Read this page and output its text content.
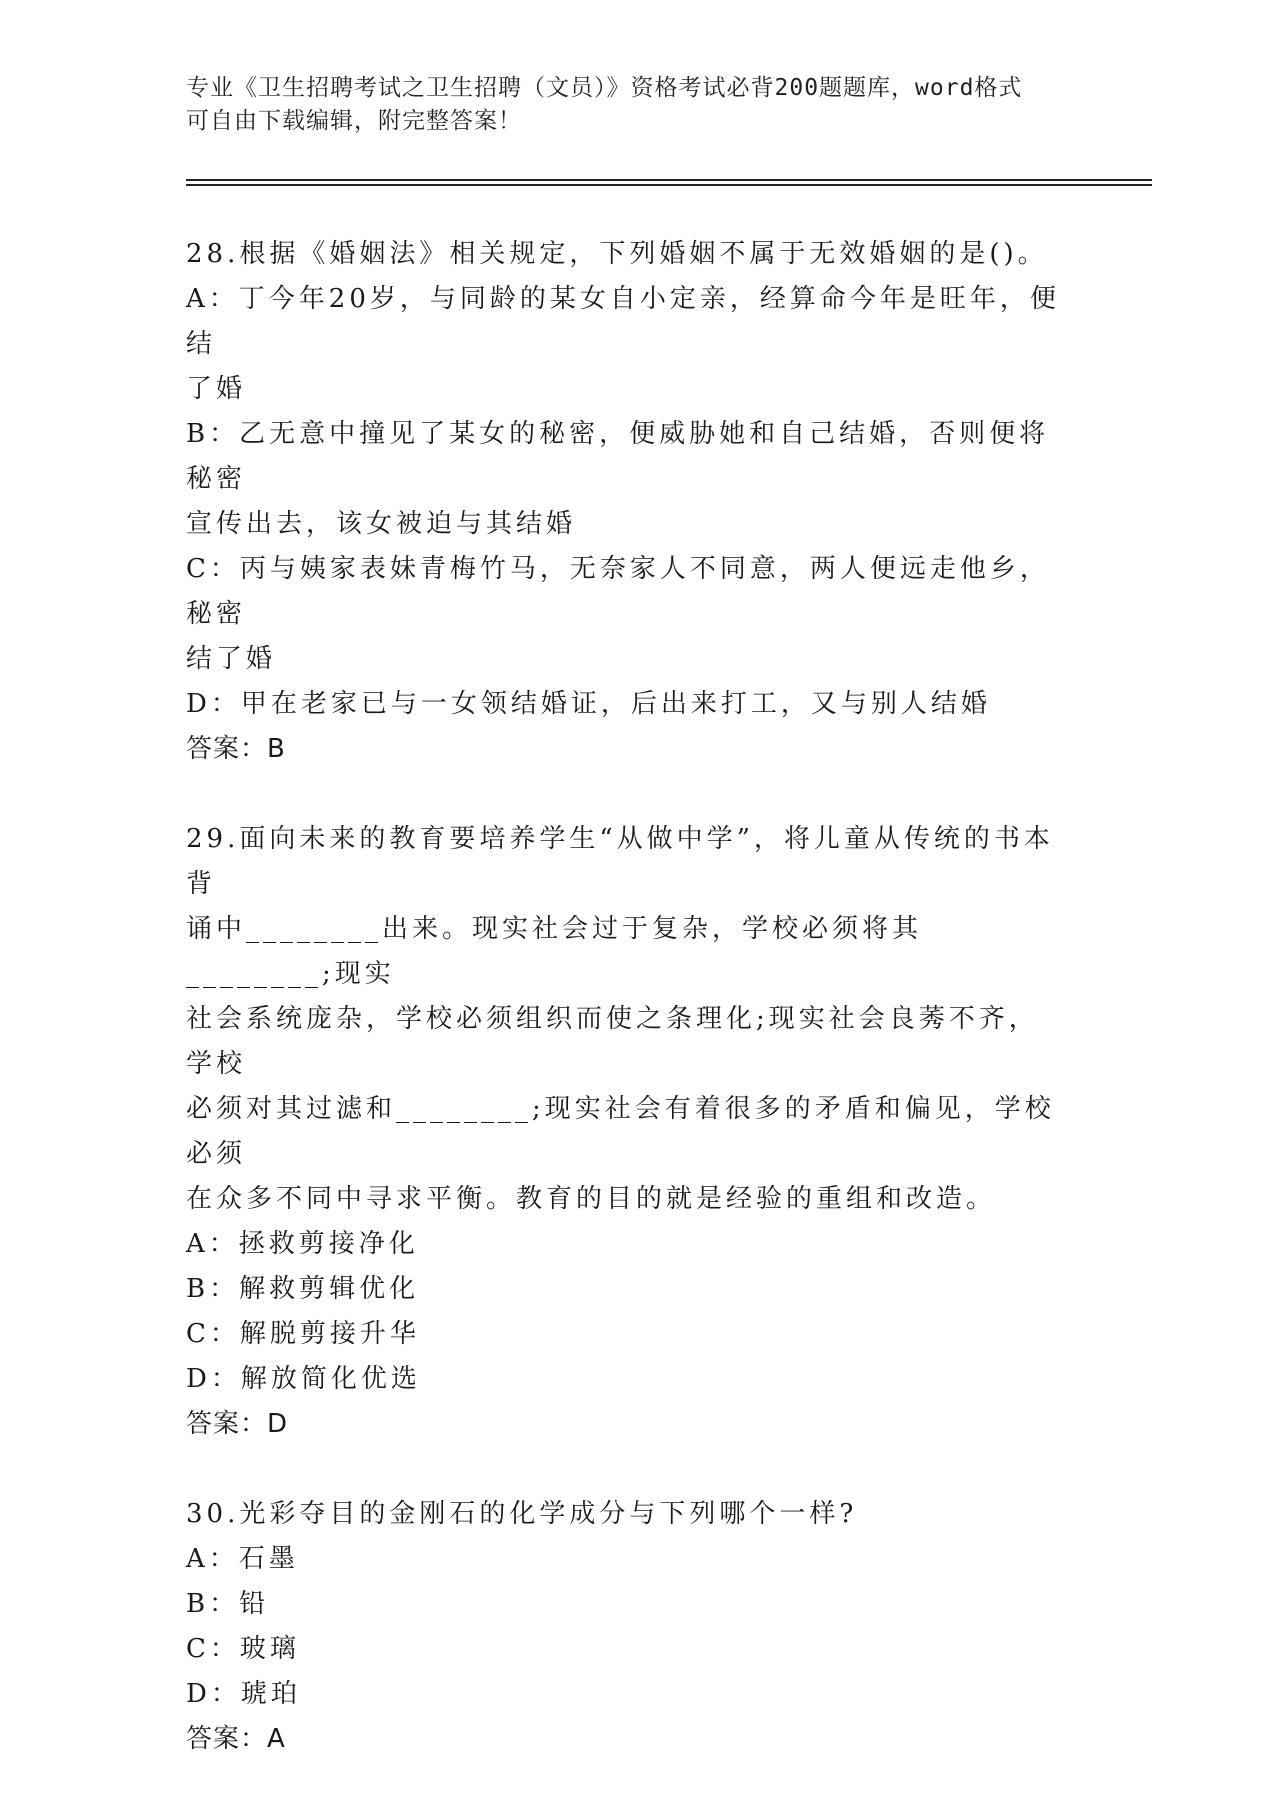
专业《卫生招聘考试之卫生招聘（文员）》资格考试必背200题题库，word格式
可自由下载编辑，附完整答案！

28.根据《婚姻法》相关规定，下列婚姻不属于无效婚姻的是()。

A：丁今年20岁，与同龄的某女自小定亲，经算命今年是旺年，便结

了婚

B：乙无意中撞见了某女的秘密，便威胁她和自己结婚，否则便将秘密

宣传出去，该女被迫与其结婚

C：丙与姨家表妹青梅竹马，无奈家人不同意，两人便远走他乡，秘密

结了婚

D：甲在老家已与一女领结婚证，后出来打工，又与别人结婚

答案：B

29.面向未来的教育要培养学生“从做中学”，将儿童从传统的书本背

诵中________出来。现实社会过于复杂，学校必须将其________;现实

社会系统庞杂，学校必须组织而使之条理化;现实社会良莠不齐，学校

必须对其过滤和________;现实社会有着很多的矛盾和偏见，学校必须

在众多不同中寻求平衡。教育的目的就是经验的重组和改造。

A：拯救剪接净化

B：解救剪辑优化

C：解脱剪接升华

D：解放简化优选

答案：D

30.光彩夺目的金刚石的化学成分与下列哪个一样?

A：石墨

B：铅

C：玻璃

D：琥珀

答案：A
